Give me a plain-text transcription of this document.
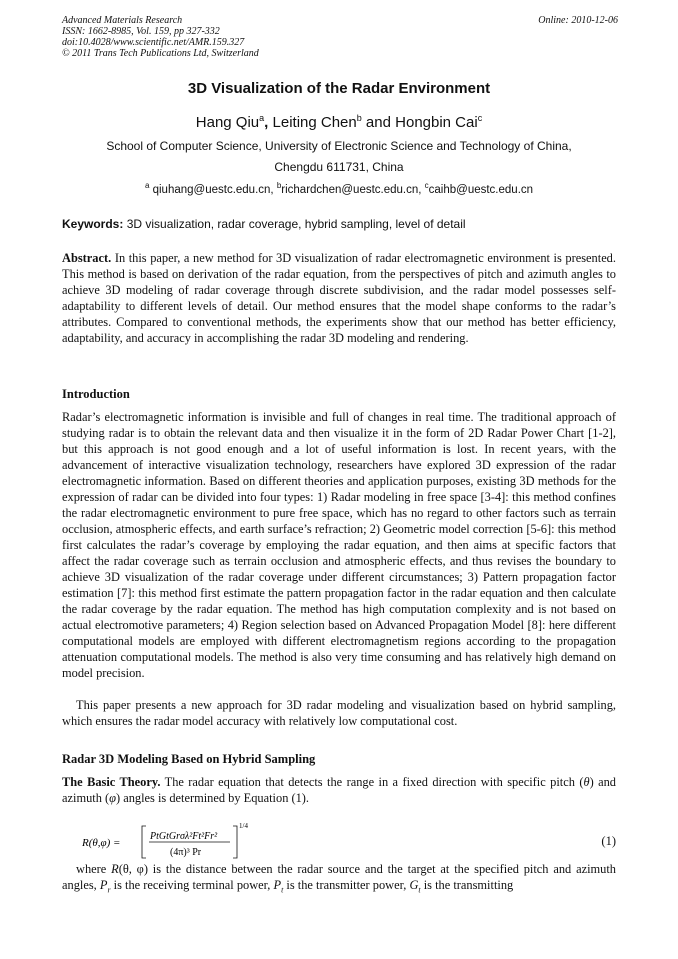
Advanced Materials Research
ISSN: 1662-8985, Vol. 159, pp 327-332
doi:10.4028/www.scientific.net/AMR.159.327
© 2011 Trans Tech Publications Ltd, Switzerland
Online: 2010-12-06
3D Visualization of the Radar Environment
Hang Qiu$^a$, Leiting Chen$^b$ and Hongbin Cai$^c$
School of Computer Science, University of Electronic Science and Technology of China,
Chengdu 611731, China
$^a$ qiuhang@uestc.edu.cn, $^b$richardchen@uestc.edu.cn, $^c$caihb@uestc.edu.cn
Keywords: 3D visualization, radar coverage, hybrid sampling, level of detail
Abstract. In this paper, a new method for 3D visualization of radar electromagnetic environment is presented. This method is based on derivation of the radar equation, from the perspectives of pitch and azimuth angles to achieve 3D modeling of radar coverage through discrete subdivision, and the radar model possesses self-adaptability to different levels of detail. Our method ensures that the model shape conforms to the radar’s attributes. Compared to conventional methods, the experiments show that our method has better efficiency, adaptability, and accuracy in accomplishing the radar 3D modeling and rendering.
Introduction
Radar’s electromagnetic information is invisible and full of changes in real time. The traditional approach of studying radar is to obtain the relevant data and then visualize it in the form of 2D Radar Power Chart [1-2], but this approach is not good enough and a lot of useful information is lost. In recent years, with the advancement of interactive visualization technology, researchers have explored 3D expression of the radar electromagnetic information. Based on different theories and application purposes, existing 3D methods for the expression of radar can be divided into four types: 1) Radar modeling in free space [3-4]: this method confines the radar electromagnetic environment to pure free space, which has no regard to other factors such as terrain occlusion, atmospheric effects, and earth surface’s refraction; 2) Geometric model correction [5-6]: this method first calculates the radar’s coverage by employing the radar equation, and then aims at specific factors that affect the radar coverage such as terrain occlusion and atmospheric effects, and thus revises the boundary to achieve 3D visualization of the radar coverage under different circumstances; 3) Pattern propagation factor estimation [7]: this method first estimate the pattern propagation factor in the radar equation and then calculate the radar coverage by the radar equation. The method has high computation complexity and is not based on actual electromotive parameters; 4) Region selection based on Advanced Propagation Model [8]: here different computational models are employed with different electromagnetism regions according to the propagation attenuation computational models. The method is also very time consuming and has relatively high demand on model precision.
This paper presents a new approach for 3D radar modeling and visualization based on hybrid sampling, which ensures the radar model accuracy with relatively low computational cost.
Radar 3D Modeling Based on Hybrid Sampling
The Basic Theory. The radar equation that detects the range in a fixed direction with specific pitch (θ) and azimuth (φ) angles is determined by Equation (1).
R(θ,φ) =
PtGtGrσλ²Ft²Fr²
(4π)³ Pr
1/4
(1)
where R(θ, φ) is the distance between the radar source and the target at the specified pitch and azimuth angles, $P_r$ is the receiving terminal power, $P_t$ is the transmitter power, $G_t$ is the transmitting
